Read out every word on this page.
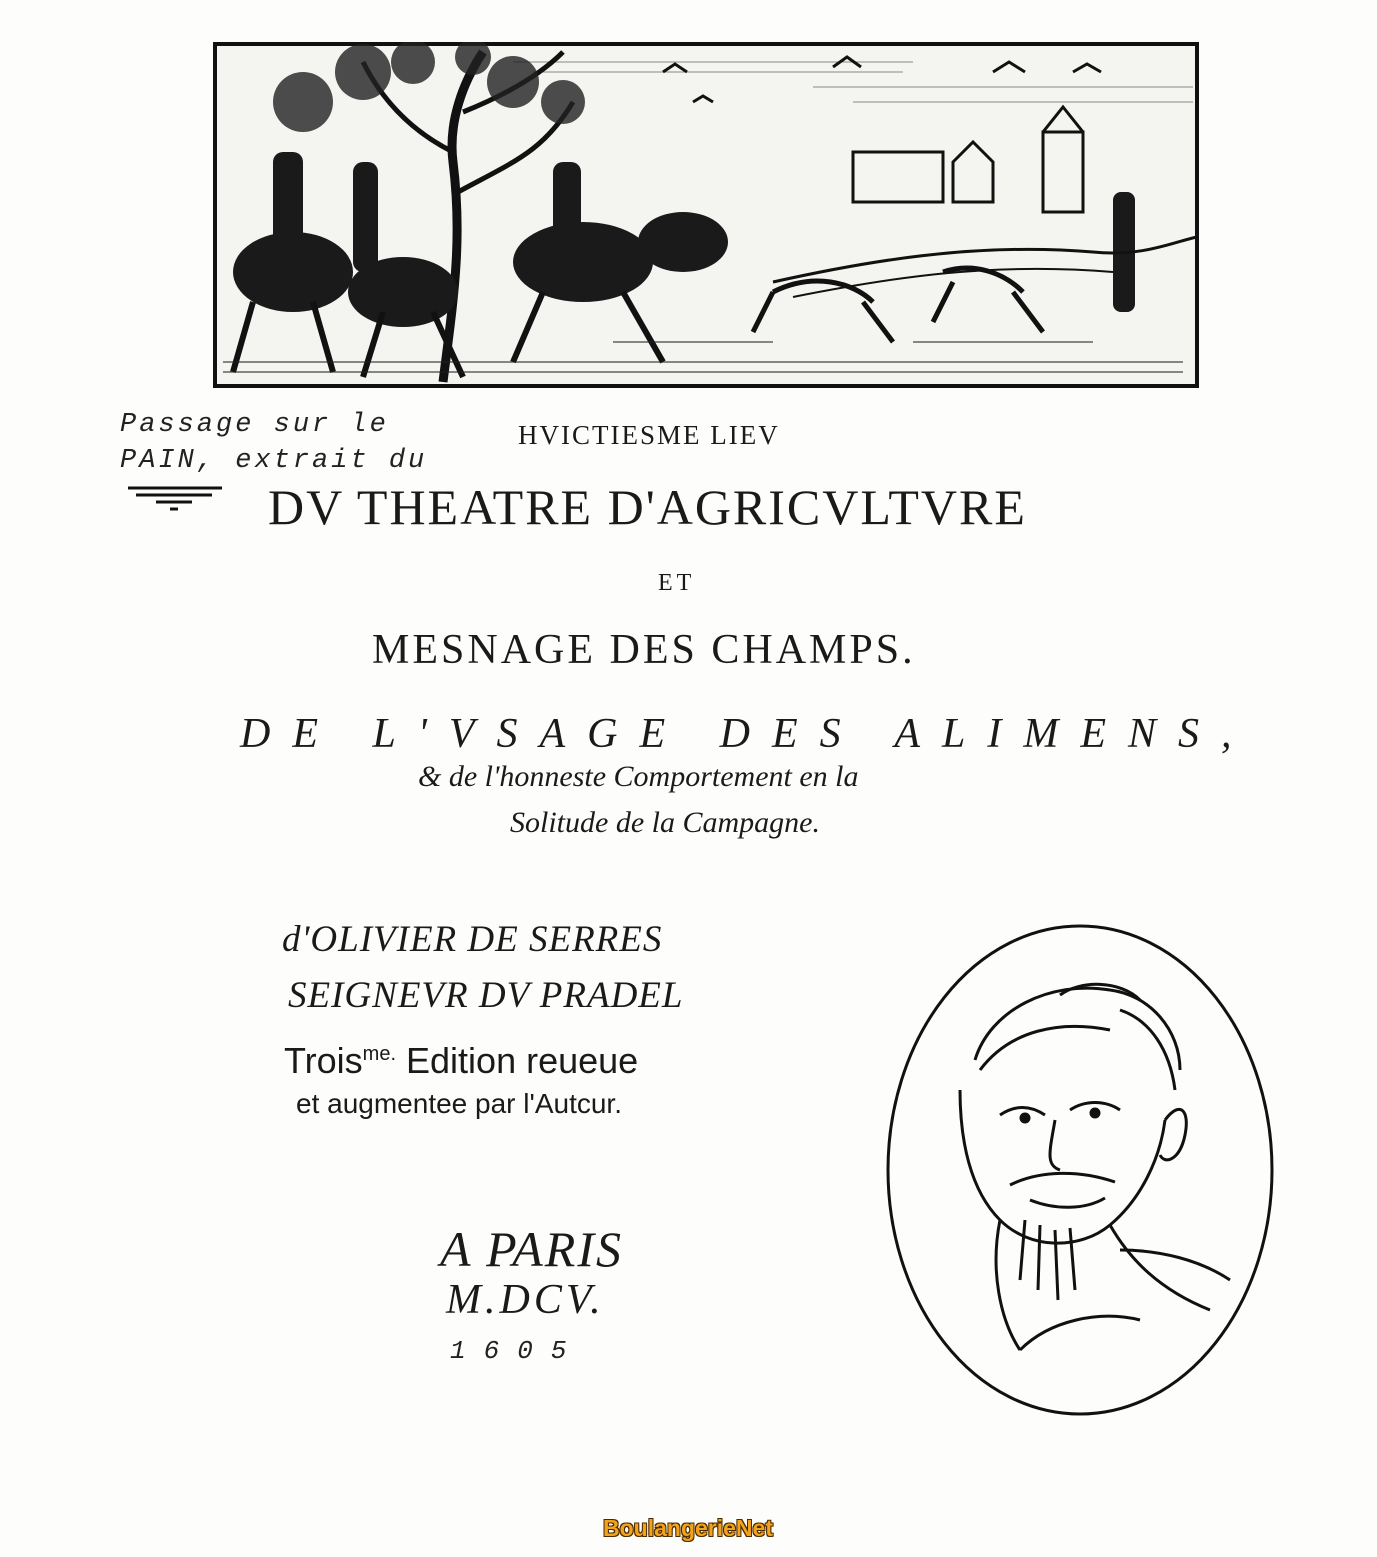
Passage sur le
PAIN, extrait du
HVICTIESME LIEV
DV THEATRE D'AGRICVLTVRE
ET
MESNAGE DES CHAMPS.
DE L'VSAGE DES ALIMENS,
& de l'honneste Comportement en la
Solitude de la Campagne.
d'OLIVIER DE SERRES
SEIGNEVR DV PRADEL
Trois$^{me.}$ Edition reueue
et augmentee par l'Autcur.
A PARIS
M.DCV.
1605
BoulangerieNet
